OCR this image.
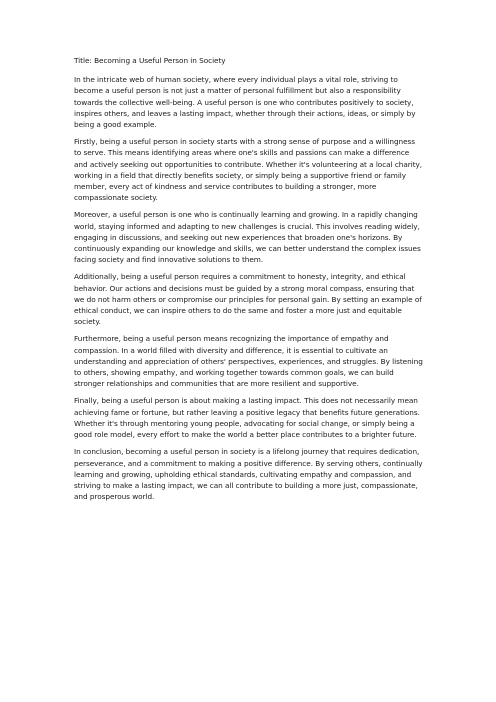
Title: Becoming a Useful Person in Society

In the intricate web of human society, where every individual plays a vital role, striving to become a useful person is not just a matter of personal fulfillment but also a responsibility towards the collective well-being. A useful person is one who contributes positively to society, inspires others, and leaves a lasting impact, whether through their actions, ideas, or simply by being a good example.

Firstly, being a useful person in society starts with a strong sense of purpose and a willingness to serve. This means identifying areas where one's skills and passions can make a difference and actively seeking out opportunities to contribute. Whether it's volunteering at a local charity, working in a field that directly benefits society, or simply being a supportive friend or family member, every act of kindness and service contributes to building a stronger, more compassionate society.

Moreover, a useful person is one who is continually learning and growing. In a rapidly changing world, staying informed and adapting to new challenges is crucial. This involves reading widely, engaging in discussions, and seeking out new experiences that broaden one's horizons. By continuously expanding our knowledge and skills, we can better understand the complex issues facing society and find innovative solutions to them.

Additionally, being a useful person requires a commitment to honesty, integrity, and ethical behavior. Our actions and decisions must be guided by a strong moral compass, ensuring that we do not harm others or compromise our principles for personal gain. By setting an example of ethical conduct, we can inspire others to do the same and foster a more just and equitable society.

Furthermore, being a useful person means recognizing the importance of empathy and compassion. In a world filled with diversity and difference, it is essential to cultivate an understanding and appreciation of others' perspectives, experiences, and struggles. By listening to others, showing empathy, and working together towards common goals, we can build stronger relationships and communities that are more resilient and supportive.

Finally, being a useful person is about making a lasting impact. This does not necessarily mean achieving fame or fortune, but rather leaving a positive legacy that benefits future generations. Whether it's through mentoring young people, advocating for social change, or simply being a good role model, every effort to make the world a better place contributes to a brighter future.

In conclusion, becoming a useful person in society is a lifelong journey that requires dedication, perseverance, and a commitment to making a positive difference. By serving others, continually learning and growing, upholding ethical standards, cultivating empathy and compassion, and striving to make a lasting impact, we can all contribute to building a more just, compassionate, and prosperous world.
